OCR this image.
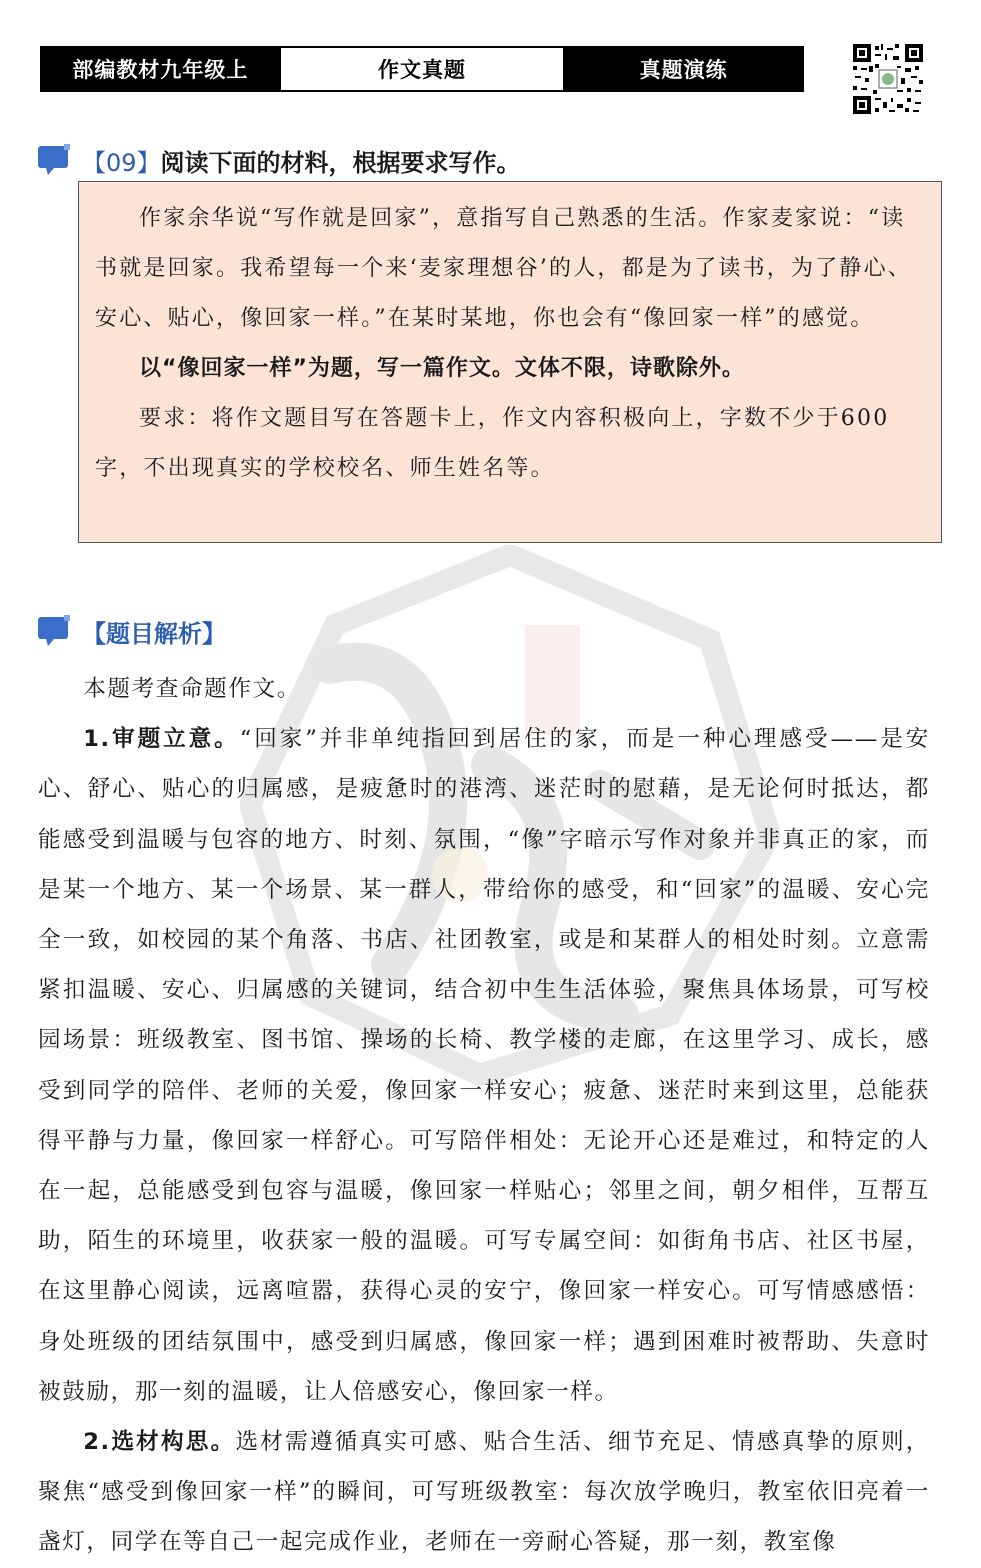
部编教材九年级上	作文真题	真题演练
【09】阅读下面的材料，根据要求写作。

作家余华说“写作就是回家”，意指写自己熟悉的生活。作家麦家说：“读书就是回家。我希望每一个来‘麦家理想谷’的人，都是为了读书，为了静心、安心、贴心，像回家一样。”在某时某地，你也会有“像回家一样”的感觉。

以“像回家一样”为题，写一篇作文。文体不限，诗歌除外。

要求：将作文题目写在答题卡上，作文内容积极向上，字数不少于600字，不出现真实的学校校名、师生姓名等。

【题目解析】

本题考查命题作文。

1.审题立意。“回家”并非单纯指回到居住的家，而是一种心理感受——是安心、舒心、贴心的归属感，是疲惫时的港湾、迷茫时的慰藉，是无论何时抵达，都能感受到温暖与包容的地方、时刻、氛围，“像”字暗示写作对象并非真正的家，而是某一个地方、某一个场景、某一群人，带给你的感受，和“回家”的温暖、安心完全一致，如校园的某个角落、书店、社团教室，或是和某群人的相处时刻。立意需紧扣温暖、安心、归属感的关键词，结合初中生生活体验，聚焦具体场景，可写校园场景：班级教室、图书馆、操场的长椅、教学楼的走廊，在这里学习、成长，感受到同学的陪伴、老师的关爱，像回家一样安心；疲惫、迷茫时来到这里，总能获得平静与力量，像回家一样舒心。可写陪伴相处：无论开心还是难过，和特定的人在一起，总能感受到包容与温暖，像回家一样贴心；邻里之间，朝夕相伴，互帮互助，陌生的环境里，收获家一般的温暖。可写专属空间：如街角书店、社区书屋，在这里静心阅读，远离喧嚣，获得心灵的安宁，像回家一样安心。可写情感感悟：身处班级的团结氛围中，感受到归属感，像回家一样；遇到困难时被帮助、失意时被鼓励，那一刻的温暖，让人倍感安心，像回家一样。

2.选材构思。选材需遵循真实可感、贴合生活、细节充足、情感真挚的原则，聚焦“感受到像回家一样”的瞬间，可写班级教室：每次放学晚归，教室依旧亮着一盏灯，同学在等自己一起完成作业，老师在一旁耐心答疑，那一刻，教室像
